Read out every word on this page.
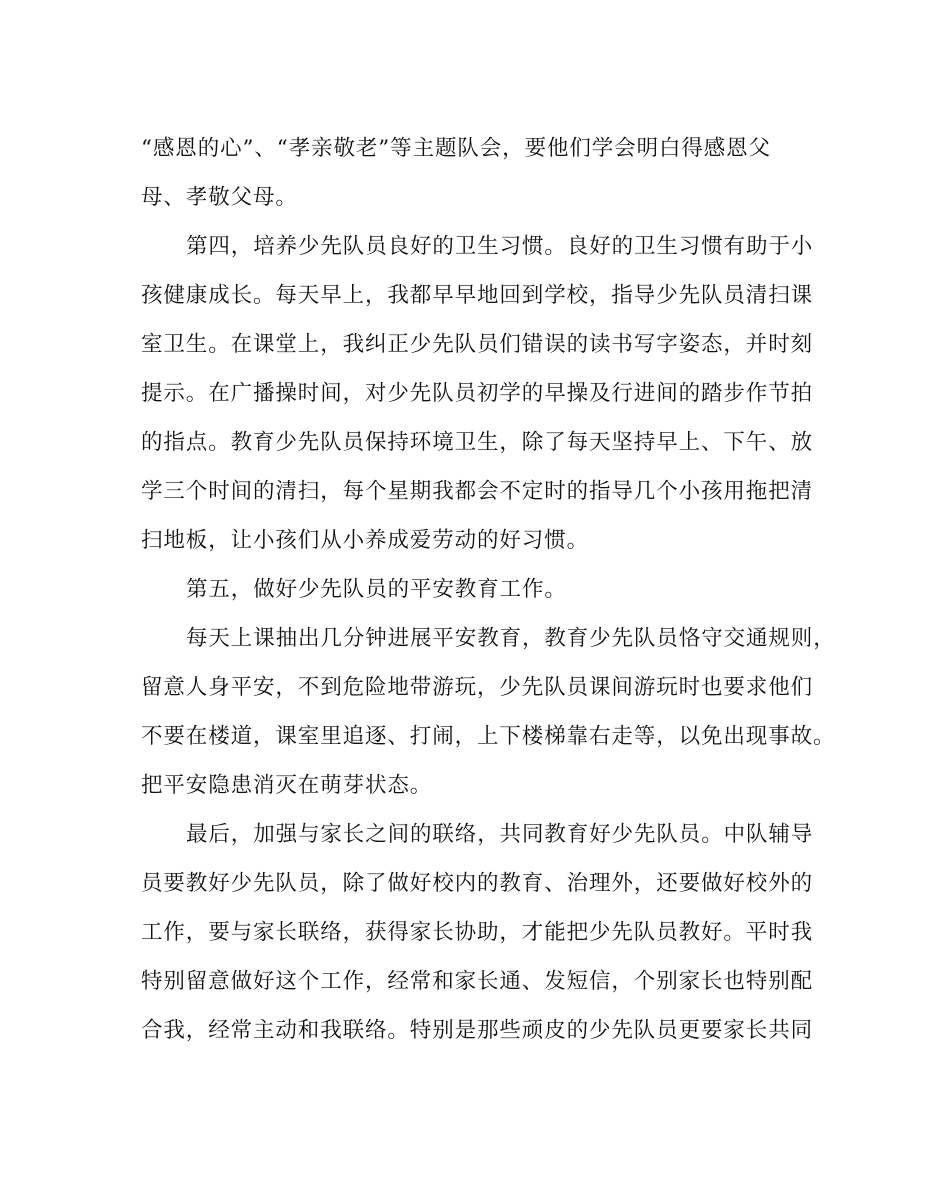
“感恩的心”、“孝亲敬老”等主题队会，要他们学会明白得感恩父
母、孝敬父母。
第四，培养少先队员良好的卫生习惯。良好的卫生习惯有助于小
孩健康成长。每天早上，我都早早地回到学校，指导少先队员清扫课
室卫生。在课堂上，我纠正少先队员们错误的读书写字姿态，并时刻
提示。在广播操时间，对少先队员初学的早操及行进间的踏步作节拍
的指点。教育少先队员保持环境卫生，除了每天坚持早上、下午、放
学三个时间的清扫，每个星期我都会不定时的指导几个小孩用拖把清
扫地板，让小孩们从小养成爱劳动的好习惯。
第五，做好少先队员的平安教育工作。
每天上课抽出几分钟进展平安教育，教育少先队员恪守交通规则，
留意人身平安，不到危险地带游玩，少先队员课间游玩时也要求他们
不要在楼道，课室里追逐、打闹，上下楼梯靠右走等，以免出现事故。
把平安隐患消灭在萌芽状态。
最后，加强与家长之间的联络，共同教育好少先队员。中队辅导
员要教好少先队员，除了做好校内的教育、治理外，还要做好校外的
工作，要与家长联络，获得家长协助，才能把少先队员教好。平时我
特别留意做好这个工作，经常和家长通、发短信，个别家长也特别配
合我，经常主动和我联络。特别是那些顽皮的少先队员更要家长共同
